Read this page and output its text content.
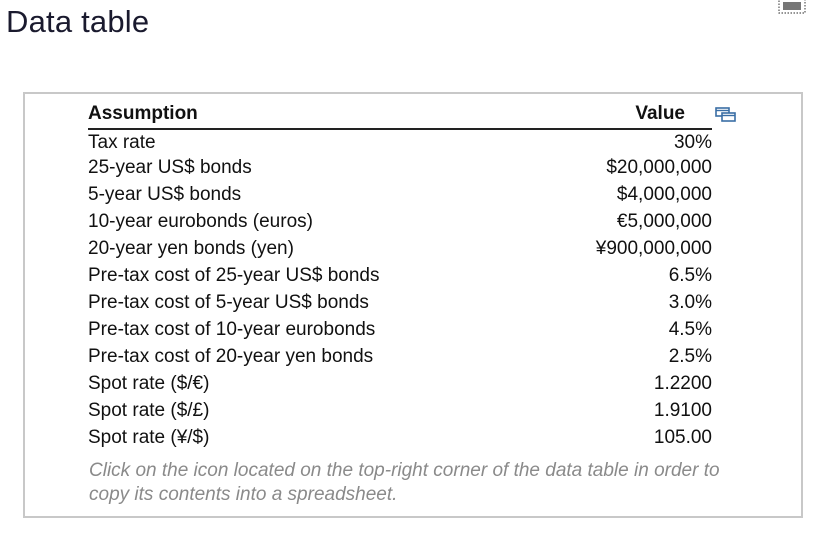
Data table
Assumption	Value
Tax rate	30%
25-year US$ bonds	$20,000,000
5-year US$ bonds	$4,000,000
10-year eurobonds (euros)	€5,000,000
20-year yen bonds (yen)	¥900,000,000
Pre-tax cost of 25-year US$ bonds	6.5%
Pre-tax cost of 5-year US$ bonds	3.0%
Pre-tax cost of 10-year eurobonds	4.5%
Pre-tax cost of 20-year yen bonds	2.5%
Spot rate ($/€)	1.2200
Spot rate ($/£)	1.9100
Spot rate (¥/$)	105.00
Click on the icon located on the top-right corner of the data table in order to copy its contents into a spreadsheet.
